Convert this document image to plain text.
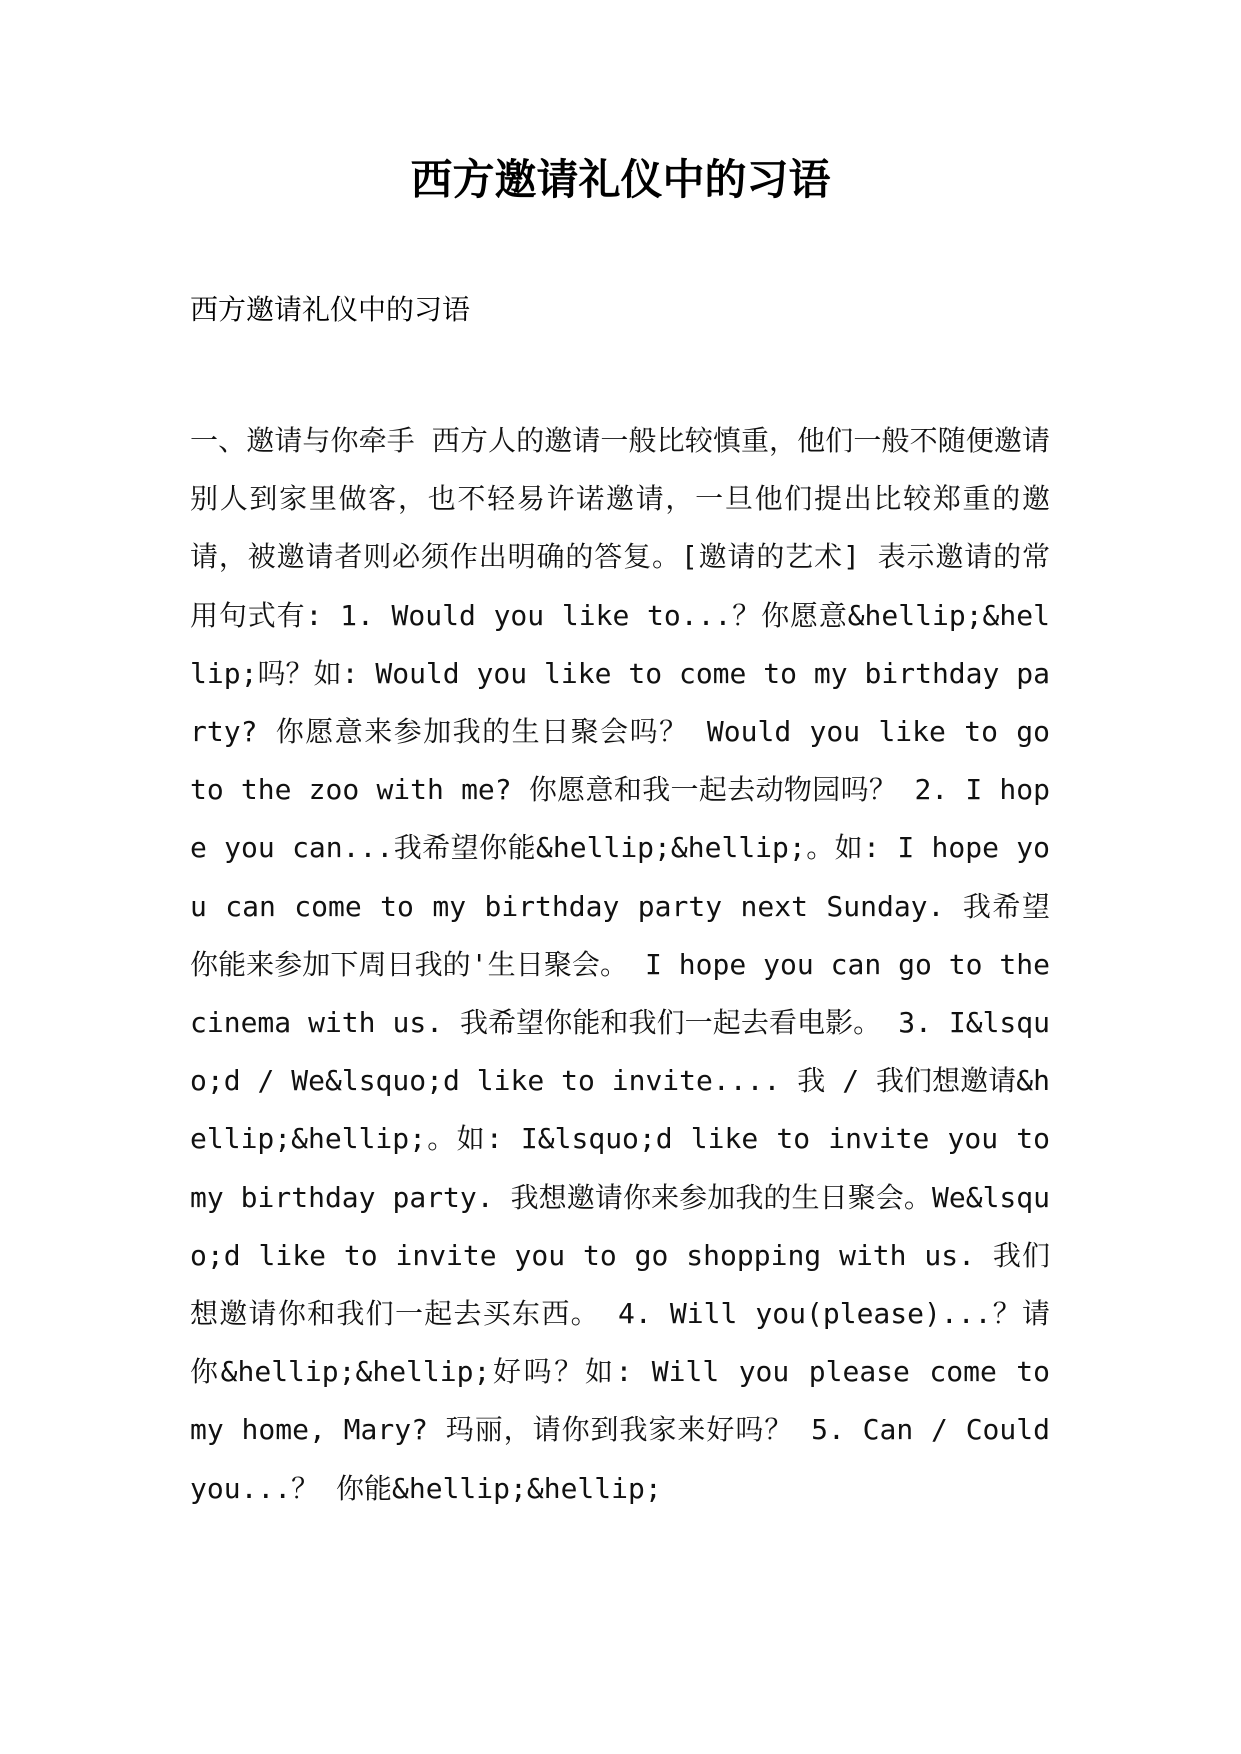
西方邀请礼仪中的习语

西方邀请礼仪中的习语

一、邀请与你牵手 西方人的邀请一般比较慎重，他们一般不随便邀请别人到家里做客，也不轻易许诺邀请，一旦他们提出比较郑重的邀请，被邀请者则必须作出明确的答复。[邀请的艺术] 表示邀请的常用句式有: 1. Would you like to...？你愿意&hellip;&hellip;吗？如: Would you like to come to my birthday party? 你愿意来参加我的生日聚会吗？ Would you like to go to the zoo with me? 你愿意和我一起去动物园吗？ 2. I hope you can...我希望你能&hellip;&hellip;。如: I hope you can come to my birthday party next Sunday. 我希望你能来参加下周日我的'生日聚会。 I hope you can go to the cinema with us. 我希望你能和我们一起去看电影。 3. I&lsquo;d / We&lsquo;d like to invite.... 我 / 我们想邀请&hellip;&hellip;。如: I&lsquo;d like to invite you to my birthday party. 我想邀请你来参加我的生日聚会。We&lsquo;d like to invite you to go shopping with us. 我们想邀请你和我们一起去买东西。 4. Will you(please)...？请你&hellip;&hellip;好吗？如: Will you please come to my home, Mary? 玛丽，请你到我家来好吗？ 5. Can / Could you...？ 你能&hellip;&hellip;
